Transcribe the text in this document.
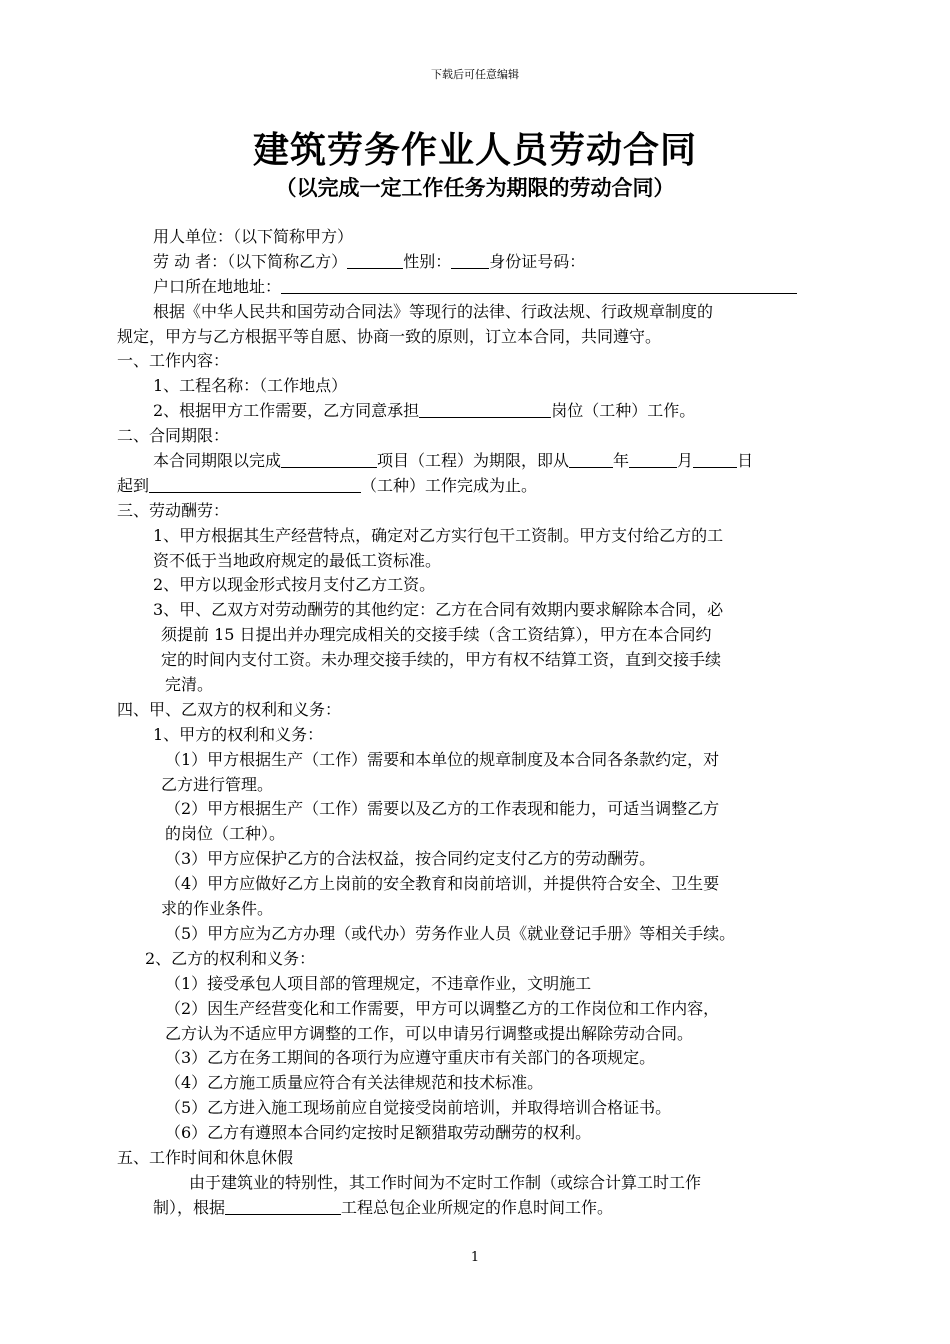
下载后可任意编辑
建筑劳务作业人员劳动合同
（以完成一定工作任务为期限的劳动合同）
用人单位：（以下简称甲方）
劳 动 者：（以下简称乙方）	性别： 身份证号码：
户口所在地地址：
根据《中华人民共和国劳动合同法》等现行的法律、行政法规、行政规章制度的
规定，甲方与乙方根据平等自愿、协商一致的原则，订立本合同，共同遵守。
一、工作内容：
1、工程名称：（工作地点）
2、根据甲方工作需要，乙方同意承担	岗位（工种）工作。
二、合同期限：
本合同期限以完成	项目（工程）为期限，即从	年	月	日
起到	（工种）工作完成为止。
三、劳动酬劳：
1、甲方根据其生产经营特点，确定对乙方实行包干工资制。甲方支付给乙方的工
资不低于当地政府规定的最低工资标准。
2、甲方以现金形式按月支付乙方工资。
3、甲、乙双方对劳动酬劳的其他约定：乙方在合同有效期内要求解除本合同，必
须提前 15 日提出并办理完成相关的交接手续（含工资结算），甲方在本合同约
定的时间内支付工资。未办理交接手续的，甲方有权不结算工资，直到交接手续
完清。
四、甲、乙双方的权利和义务：
1、甲方的权利和义务：
（1）甲方根据生产（工作）需要和本单位的规章制度及本合同各条款约定，对
乙方进行管理。
（2）甲方根据生产（工作）需要以及乙方的工作表现和能力，可适当调整乙方
的岗位（工种）。
（3）甲方应保护乙方的合法权益，按合同约定支付乙方的劳动酬劳。
（4）甲方应做好乙方上岗前的安全教育和岗前培训，并提供符合安全、卫生要
求的作业条件。
（5）甲方应为乙方办理（或代办）劳务作业人员《就业登记手册》等相关手续。
2、乙方的权利和义务：
（1）接受承包人项目部的管理规定，不违章作业，文明施工
（2）因生产经营变化和工作需要，甲方可以调整乙方的工作岗位和工作内容，
乙方认为不适应甲方调整的工作，可以申请另行调整或提出解除劳动合同。
（3）乙方在务工期间的各项行为应遵守重庆市有关部门的各项规定。
（4）乙方施工质量应符合有关法律规范和技术标准。
（5）乙方进入施工现场前应自觉接受岗前培训，并取得培训合格证书。
（6）乙方有遵照本合同约定按时足额猎取劳动酬劳的权利。
五、工作时间和休息休假
由于建筑业的特别性，其工作时间为不定时工作制（或综合计算工时工作
制），根据	工程总包企业所规定的作息时间工作。
1
